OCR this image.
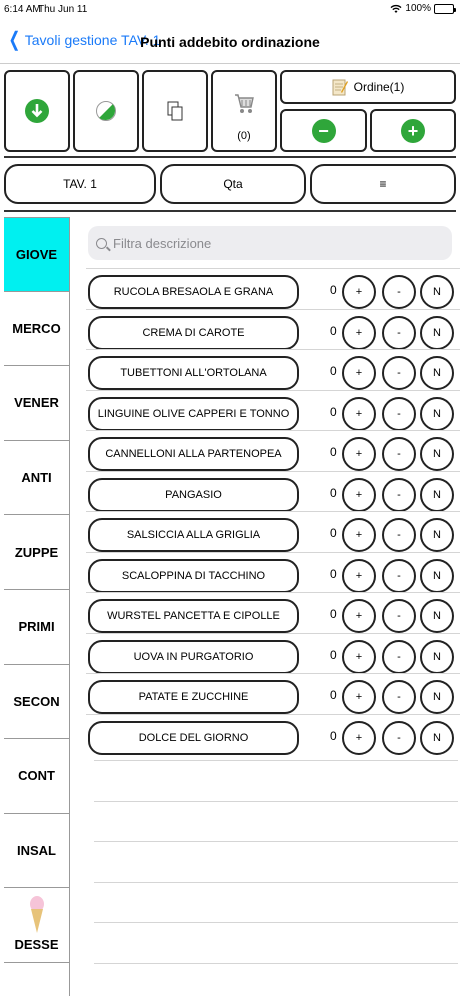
6:14 AM
Thu Jun 11	100%
❮ Tavoli gestione TAV. 1
Punti addebito ordinazione
(0)
Ordine(1)
−	+
TAV. 1	Qta	≡
GIOVE
MERCO
VENER
ANTI
ZUPPE
PRIMI
SECON
CONT
INSAL
DESSE
Filtra descrizione
RUCOLA BRESAOLA E GRANA	0 +	-	N
CREMA DI CAROTE	0 +	-	N
TUBETTONI ALL'ORTOLANA	0 +	-	N
LINGUINE OLIVE CAPPERI E TONNO	0 +	-	N
CANNELLONI ALLA PARTENOPEA	0 +	-	N
PANGASIO	0 +	-	N
SALSICCIA ALLA GRIGLIA	0 +	-	N
SCALOPPINA DI TACCHINO	0 +	-	N
WURSTEL PANCETTA E CIPOLLE	0 +	-	N
UOVA IN PURGATORIO	0 +	-	N
PATATE E ZUCCHINE	0 +	-	N
DOLCE DEL GIORNO	0 +	-	N
